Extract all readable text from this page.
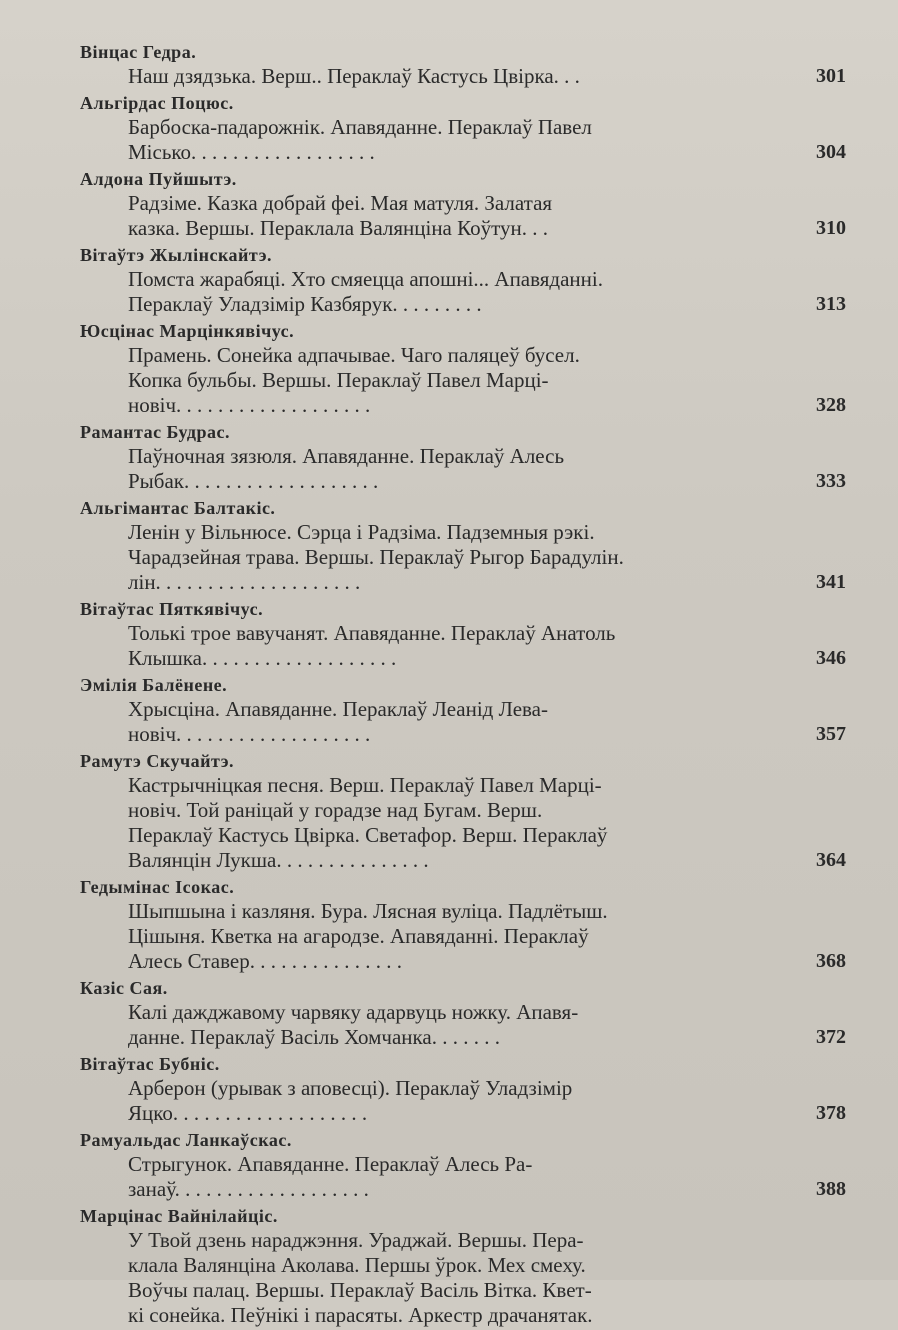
Вінцас Гедра.
Наш дзядзька. Верш.. Пераклаў Кастусь Цвірка. . .	301
Альгірдас Поцюс.
Барбоска-падарожнік. Апавяданне. Пераклаў Павел
Місько. . . . . . . . . . . . . . . . . .	304
Алдона Пуйшытэ.
Радзіме. Казка добрай феі. Мая матуля. Залатая
казка. Вершы. Пераклала Валянціна Коўтун. . .	310
Вітаўтэ Жылінскайтэ.
Помста жарабяці. Хто смяецца апошні... Апавяданні.
Пераклаў Уладзімір Казбярук. . . . . . . . .	313
Юсцінас Марцінкявічус.
Прамень. Сонейка адпачывае. Чаго паляцеў бусел.
Копка бульбы. Вершы. Пераклаў Павел Марці-
новіч. . . . . . . . . . . . . . . . . . .	328
Рамантас Будрас.
Паўночная зязюля. Апавяданне. Пераклаў Алесь
Рыбак. . . . . . . . . . . . . . . . . . .	333
Альгімантас Балтакіс.
Ленін у Вільнюсе. Сэрца і Радзіма. Падземныя рэкі.
Чарадзейная трава. Вершы. Пераклаў Рыгор Барадулін.
лін. . . . . . . . . . . . . . . . . . . .	341
Вітаўтас Пяткявічус.
Толькі трое вавучанят. Апавяданне. Пераклаў Анатоль
Клышка. . . . . . . . . . . . . . . . . . .	346
Эмілія Балёнене.
Хрысціна. Апавяданне. Пераклаў Леанід Лева-
новіч. . . . . . . . . . . . . . . . . . .	357
Рамутэ Скучайтэ.
Кастрычніцкая песня. Верш. Пераклаў Павел Марці-
новіч. Той раніцай у горадзе над Бугам. Верш.
Пераклаў Кастусь Цвірка. Светафор. Верш. Пераклаў
Валянцін Лукша. . . . . . . . . . . . . . .	364
Гедымінас Ісокас.
Шыпшына і казляня. Бура. Лясная вуліца. Падлётыш.
Цішыня. Кветка на агародзе. Апавяданні. Пераклаў
Алесь Ставер. . . . . . . . . . . . . . .	368
Казіс Сая.
Калі дажджавому чарвяку адарвуць ножку. Апавя-
данне. Пераклаў Васіль Хомчанка. . . . . . .	372
Вітаўтас Бубніс.
Арберон (урывак з аповесці). Пераклаў Уладзімір
Яцко. . . . . . . . . . . . . . . . . . .	378
Рамуальдас Ланкаўскас.
Стрыгунок. Апавяданне. Пераклаў Алесь Ра-
занаў. . . . . . . . . . . . . . . . . . .	388
Марцінас Вайнілайціс.
У Твой дзень нараджэння. Ураджай. Вершы. Пера-
клала Валянціна Аколава. Першы ўрок. Мех смеху.
Воўчы палац. Вершы. Пераклаў Васіль Вітка. Квет-
кі сонейка. Пеўнікі і парасяты. Аркестр драчанятак.
